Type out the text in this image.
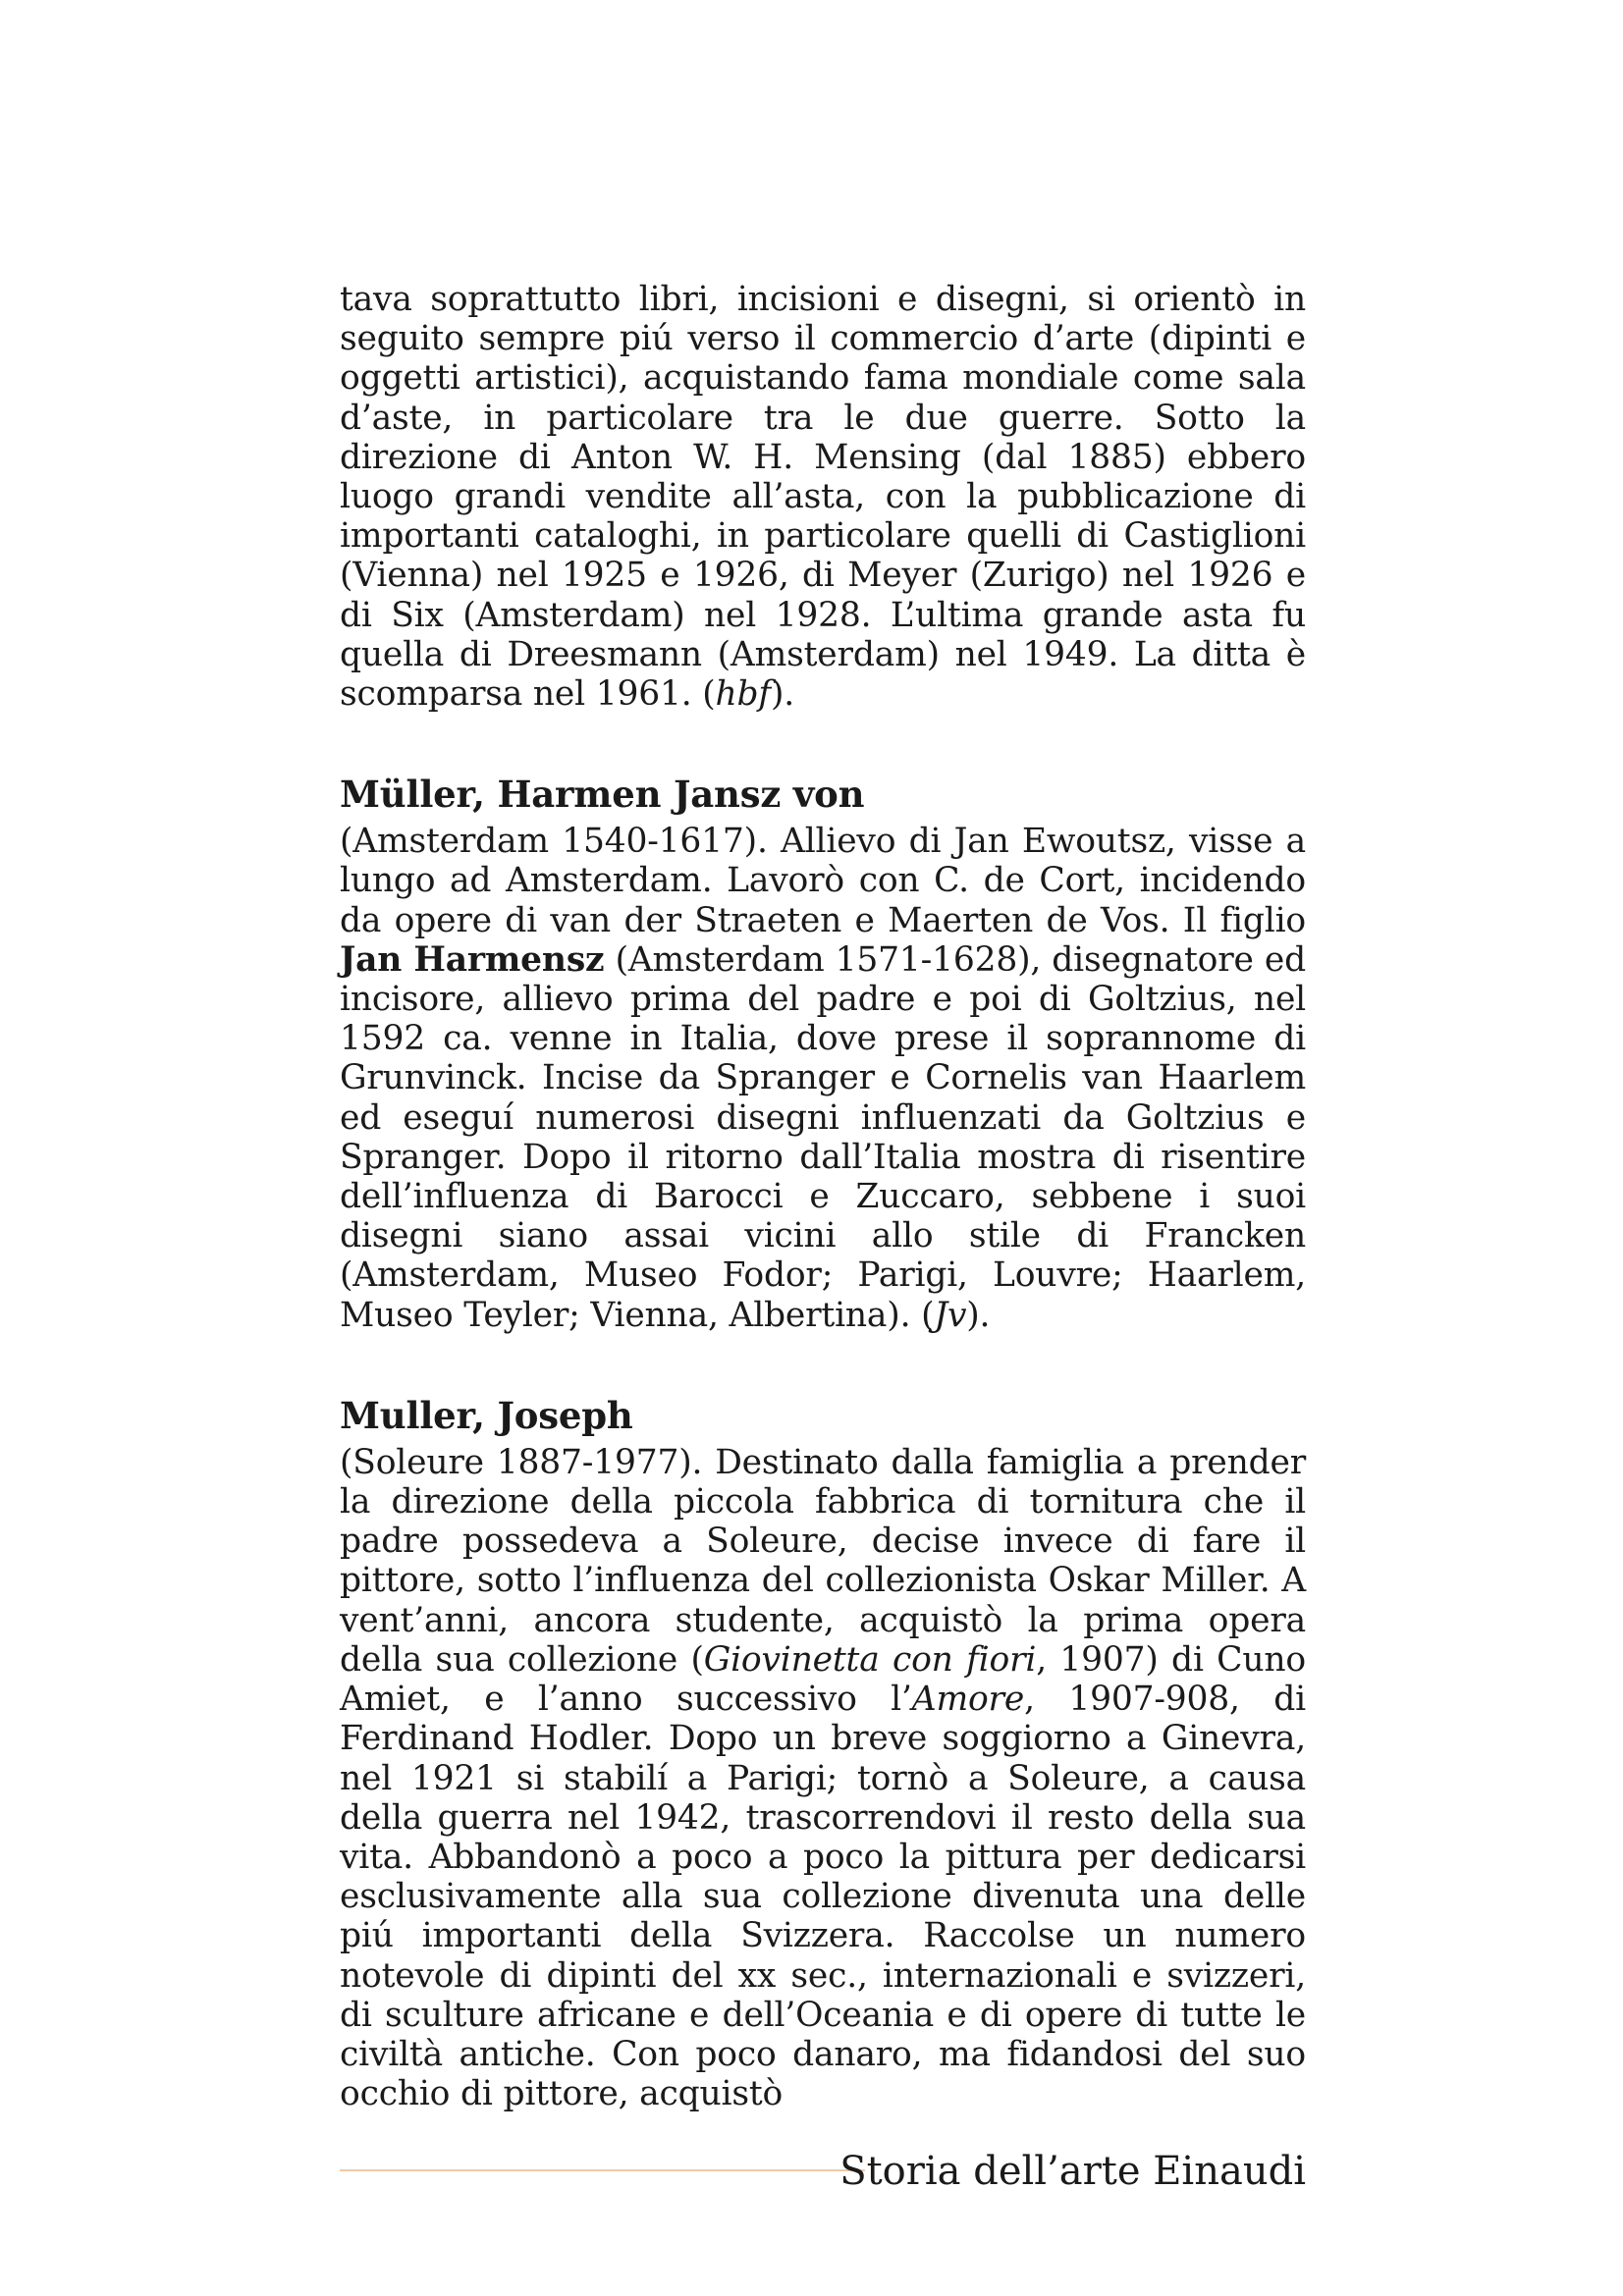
tava soprattutto libri, incisioni e disegni, si orientò in seguito sempre piú verso il commercio d’arte (dipinti e oggetti artistici), acquistando fama mondiale come sala d’aste, in particolare tra le due guerre. Sotto la direzione di Anton W. H. Mensing (dal 1885) ebbero luogo grandi vendite all’asta, con la pubblicazione di importanti cataloghi, in particolare quelli di Castiglioni (Vienna) nel 1925 e 1926, di Meyer (Zurigo) nel 1926 e di Six (Amsterdam) nel 1928. L’ultima grande asta fu quella di Dreesmann (Amsterdam) nel 1949. La ditta è scomparsa nel 1961. (hbf).

Müller, Harmen Jansz von

(Amsterdam 1540-1617). Allievo di Jan Ewoutsz, visse a lungo ad Amsterdam. Lavorò con C. de Cort, incidendo da opere di van der Straeten e Maerten de Vos. Il figlio Jan Harmensz (Amsterdam 1571-1628), disegnatore ed incisore, allievo prima del padre e poi di Goltzius, nel 1592 ca. venne in Italia, dove prese il soprannome di Grunvinck. Incise da Spranger e Cornelis van Haarlem ed eseguí numerosi disegni influenzati da Goltzius e Spranger. Dopo il ritorno dall’Italia mostra di risentire dell’influenza di Barocci e Zuccaro, sebbene i suoi disegni siano assai vicini allo stile di Francken (Amsterdam, Museo Fodor; Parigi, Louvre; Haarlem, Museo Teyler; Vienna, Albertina). (Jv).

Muller, Joseph

(Soleure 1887-1977). Destinato dalla famiglia a prender la direzione della piccola fabbrica di tornitura che il padre possedeva a Soleure, decise invece di fare il pittore, sotto l’influenza del collezionista Oskar Miller. A vent’anni, ancora studente, acquistò la prima opera della sua collezione (Giovinetta con fiori, 1907) di Cuno Amiet, e l’anno successivo l’Amore, 1907-908, di Ferdinand Hodler. Dopo un breve soggiorno a Ginevra, nel 1921 si stabilí a Parigi; tornò a Soleure, a causa della guerra nel 1942, trascorrendovi il resto della sua vita. Abbandonò a poco a poco la pittura per dedicarsi esclusivamente alla sua collezione divenuta una delle piú importanti della Svizzera. Raccolse un numero notevole di dipinti del xx sec., internazionali e svizzeri, di sculture africane e dell’Oceania e di opere di tutte le civiltà antiche. Con poco danaro, ma fidandosi del suo occhio di pittore, acquistò

Storia dell’arte Einaudi
